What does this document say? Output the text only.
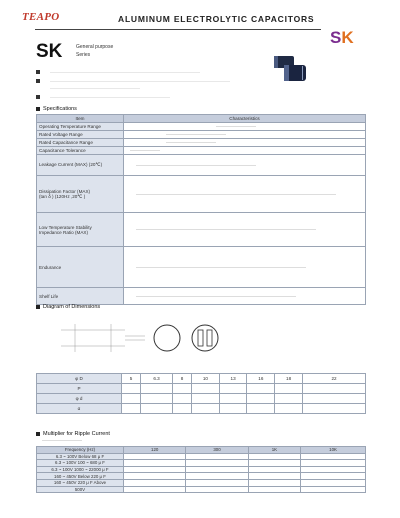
TEAPO	ALUMINUM ELECTROLYTIC CAPACITORS
SK
SK	General purpose
Series
Specifications
Item	Characteristics
Operating Temperature Range	
Rated Voltage Range	
Rated Capacitance Range	
Capacitance Tolerance	
Leakage Current (MAX) (20℃)	

Dissipation Factor (MAX)
(tan δ ) (120Hz ,20℃ )	

Low Temperature Stability
Impedance Ratio (MAX)	

Endurance	
Shelf Life	
Diagram of Dimensions
φ D	5	6.3	8	10	13	16	18	22
P								
φ d								
α								
Multiplier for Ripple Current
Frequency (Hz)	120	300	1K	10K
6.3 ~ 100V Below 68 μ F				
6.3 ~ 100V 100 ~ 680 μ F				
6.3 ~ 100V 1000 ~ 22000 μ F				
160 ~ 450V Below 220 μ F				
160 ~ 450V 220 μ F Above				
500V				
